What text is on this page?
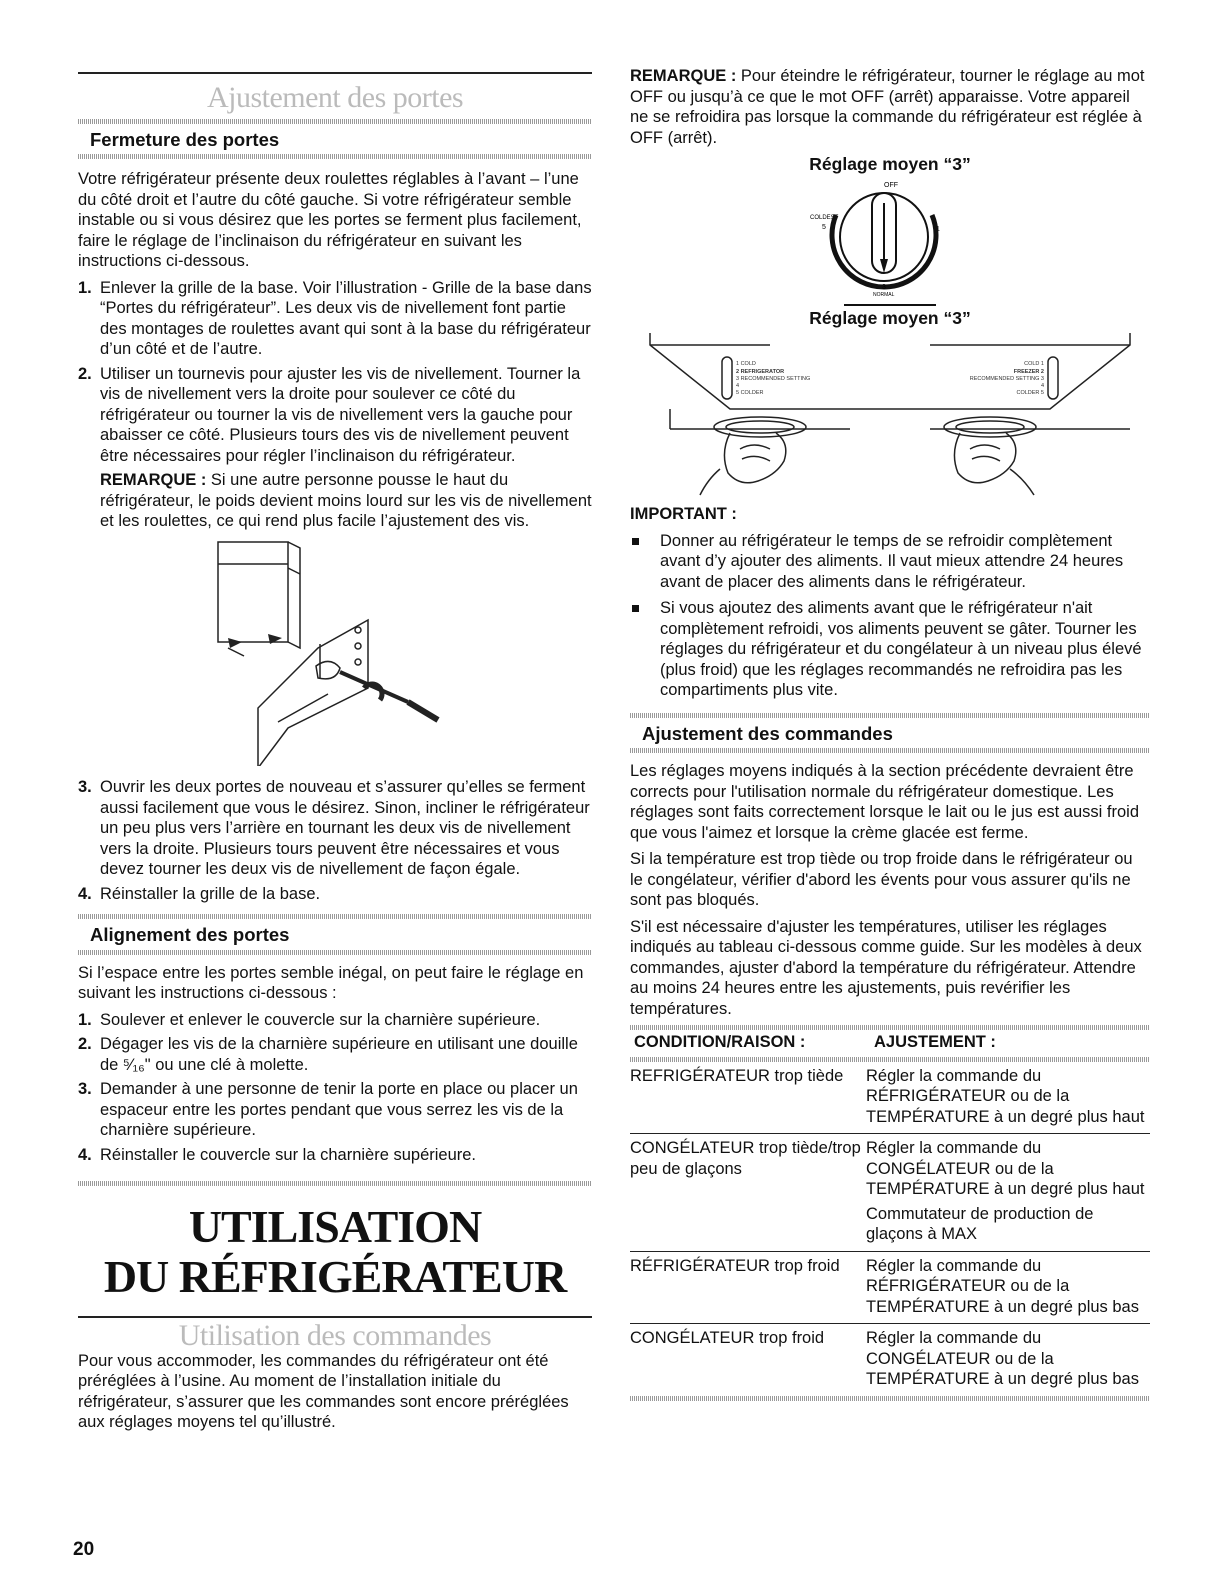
Ajustement des portes
Fermeture des portes

Votre réfrigérateur présente deux roulettes réglables à l’avant – l’une du côté droit et l’autre du côté gauche. Si votre réfrigérateur semble instable ou si vous désirez que les portes se ferment plus facilement, faire le réglage de l’inclinaison du réfrigérateur en suivant les instructions ci-dessous.

1. Enlever la grille de la base. Voir l’illustration - Grille de la base dans “Portes du réfrigérateur”. Les deux vis de nivellement font partie des montages de roulettes avant qui sont à la base du réfrigérateur d’un côté et de l’autre.
2. Utiliser un tournevis pour ajuster les vis de nivellement. Tourner la vis de nivellement vers la droite pour soulever ce côté du réfrigérateur ou tourner la vis de nivellement vers la gauche pour abaisser ce côté. Plusieurs tours des vis de nivellement peuvent être nécessaires pour régler l’inclinaison du réfrigérateur.

REMARQUE : Si une autre personne pousse le haut du réfrigérateur, le poids devient moins lourd sur les vis de nivellement et les roulettes, ce qui rend plus facile l’ajustement des vis.

3. Ouvrir les deux portes de nouveau et s’assurer qu’elles se ferment aussi facilement que vous le désirez. Sinon, incliner le réfrigérateur un peu plus vers l’arrière en tournant les deux vis de nivellement vers la droite. Plusieurs tours peuvent être nécessaires et vous devez tourner les deux vis de nivellement de façon égale.
4. Réinstaller la grille de la base.
Alignement des portes

Si l’espace entre les portes semble inégal, on peut faire le réglage en suivant les instructions ci-dessous :

1. Soulever et enlever le couvercle sur la charnière supérieure.
2. Dégager les vis de la charnière supérieure en utilisant une douille de ⁵⁄₁₆" ou une clé à molette.
3. Demander à une personne de tenir la porte en place ou placer un espaceur entre les portes pendant que vous serrez les vis de la charnière supérieure.
4. Réinstaller le couvercle sur la charnière supérieure.
UTILISATION
DU RÉFRIGÉRATEUR
Utilisation des commandes

Pour vous accommoder, les commandes du réfrigérateur ont été préréglées à l’usine. Au moment de l’installation initiale du réfrigérateur, s’assurer que les commandes sont encore préréglées aux réglages moyens tel qu’illustré.

REMARQUE : Pour éteindre le réfrigérateur, tourner le réglage au mot OFF ou jusqu’à ce que le mot OFF (arrêt) apparaisse. Votre appareil ne se refroidira pas lorsque la commande du réfrigérateur est réglée à OFF (arrêt).

Réglage moyen “3”
OFF
COLDEST
5	1
3
NORMAL
Réglage moyen “3”
1 COLD
2 REFRIGERATOR
3 RECOMMENDED SETTING
4
5 COLDER
COLD 1
FREEZER 2
RECOMMENDED SETTING 3
4
COLDER 5
IMPORTANT :
Donner au réfrigérateur le temps de se refroidir complètement avant d’y ajouter des aliments. Il vaut mieux attendre 24 heures avant de placer des aliments dans le réfrigérateur.
Si vous ajoutez des aliments avant que le réfrigérateur n'ait complètement refroidi, vos aliments peuvent se gâter. Tourner les réglages du réfrigérateur et du congélateur à un niveau plus élevé (plus froid) que les réglages recommandés ne refroidira pas les compartiments plus vite.
Ajustement des commandes

Les réglages moyens indiqués à la section précédente devraient être corrects pour l'utilisation normale du réfrigérateur domestique. Les réglages sont faits correctement lorsque le lait ou le jus est aussi froid que vous l'aimez et lorsque la crème glacée est ferme.

Si la température est trop tiède ou trop froide dans le réfrigérateur ou le congélateur, vérifier d'abord les évents pour vous assurer qu'ils ne sont pas bloqués.

S'il est nécessaire d'ajuster les températures, utiliser les réglages indiqués au tableau ci-dessous comme guide. Sur les modèles à deux commandes, ajuster d'abord la température du réfrigérateur. Attendre au moins 24 heures entre les ajustements, puis revérifier les températures.

CONDITION/RAISON :	AJUSTEMENT :

REFRIGÉRATEUR trop tiède	Régler la commande du RÉFRIGÉRATEUR ou de la TEMPÉRATURE à un degré plus haut
CONGÉLATEUR trop tiède/trop peu de glaçons	Régler la commande du CONGÉLATEUR ou de la TEMPÉRATURE à un degré plus haut
Commutateur de production de glaçons à MAX

RÉFRIGÉRATEUR trop froid	Régler la commande du RÉFRIGÉRATEUR ou de la TEMPÉRATURE à un degré plus bas
CONGÉLATEUR trop froid	Régler la commande du CONGÉLATEUR ou de la TEMPÉRATURE à un degré plus bas
20
